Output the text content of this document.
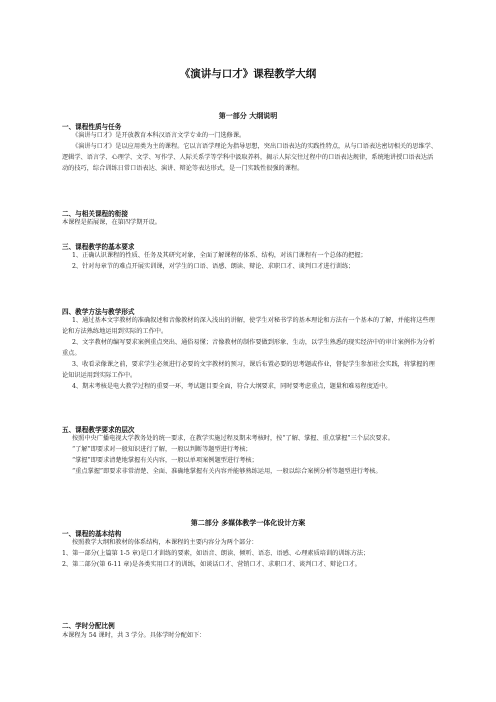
《演讲与口才》课程教学大纲
第一部分 大纲说明
一、课程性质与任务

《演讲与口才》是开放教育本科汉语言文学专业的一门选修课。

《演讲与口才》是以应用类为主的课程。它以言语学理论为指导思想，突出口语表达的实践性特点，从与口语表达密切相关的思维学、逻辑学、语言学、心理学、文学、写作学、人际关系学等学科中汲取养料，揭示人际交往过程中的口语表达规律，系统地讲授口语表达活动的技巧，综合训练日常口语表达、演讲、辩论等表达形式，是一门实践性很强的课程。

二、与相关课程的衔接

本课程是拓展课，在第四学期开设。

三、课程教学的基本要求

1、正确认识课程的性质、任务及其研究对象，全面了解课程的体系、结构，对该门课程有一个总体的把握；

2、针对每章节的难点开展实训课，对学生的口语、语感、朗读、辩论、求职口才、谈判口才进行训练；

四、教学方法与教学形式

1、通过基本文字教材的准确叙述和音像教材的深入浅出的讲解，使学生对秘书学的基本理论和方法有一个基本的了解，并能将这些理论和方法熟练地运用到实际的工作中。

2、文字教材的编写要求案例重点突出、通俗易懂；音像教材的制作要做到形象、生动，以学生熟悉的现实经济中的审计案例作为分析重点。

3、收看录像课之前，要求学生必须进行必要的文字教材的预习，课后布置必要的思考题或作业，督促学生参加社会实践，将掌握的理论知识运用到实际工作中。

4、期末考核是电大教学过程的重要一环，考试题目要全面，符合大纲要求，同时要考虑重点，题量和难易程度适中。

五、课程教学要求的层次

按照中央广播电视大学教务处的统一要求，在教学实施过程及期末考核时，按“了解、掌握、重点掌握”三个层次要求。

“了解”即要求对一般知识进行了解，一般以判断等题型进行考核；

“掌握”即要求清楚地掌握有关内容，一般以单项案例题型进行考核；

“重点掌握”即要求非常清楚、全面、准确地掌握有关内容并能够熟练运用，一般以综合案例分析等题型进行考核。

第二部分 多媒体教学一体化设计方案
一、课程的基本结构

按照教学大纲和教材的体系结构，本课程的主要内容分为两个部分：

1、第一部分(上篇第 1-5 章)是口才训练的要素，如语音、朗读、倾听、语态、语感、心理素质培训的训练方法；

2、第二部分(第 6-11 章)是各类实用口才的训练，如谈话口才、营销口才、求职口才、谈判口才、辩论口才。

二、学时分配比例

本课程为 54 课时，共 3 学分。具体学时分配如下：
